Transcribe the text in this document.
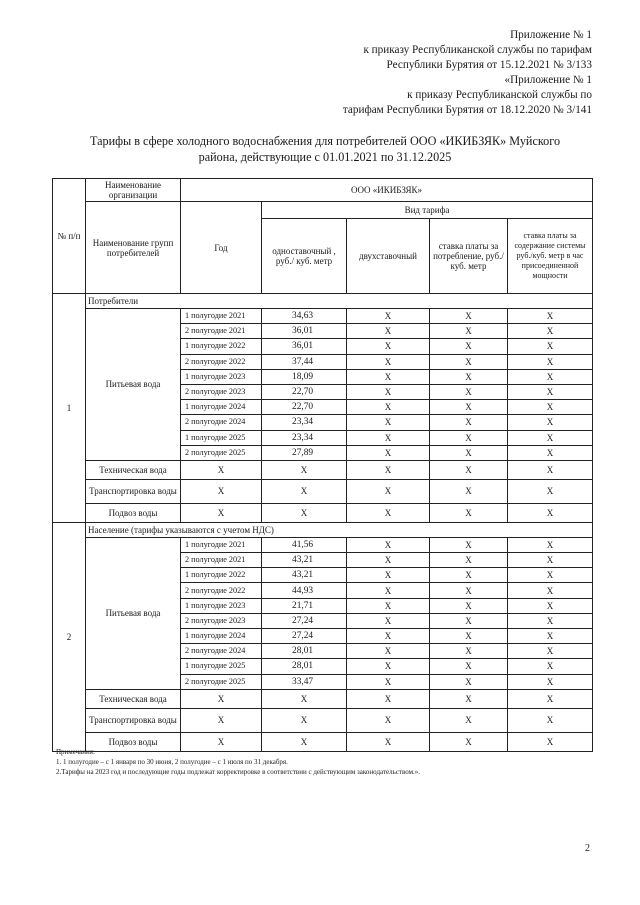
Приложение № 1
к приказу Республиканской службы по тарифам
Республики Бурятия от 15.12.2021 № 3/133
«Приложение № 1
к приказу Республиканской службы по
тарифам Республики Бурятия от 18.12.2020 № 3/141
Тарифы в сфере холодного водоснабжения для потребителей ООО «ИКИБЗЯК» Муйского
района, действующие с 01.01.2021 по 31.12.2025
№ п/п	Наименование организации	ООО «ИКИБЗЯК»				
	Наименование групп потребителей	Год	Вид тарифа			
			одноставочный , руб./ куб. метр	двухставочный	ставка платы за потребление, руб./ куб. метр	ставка платы за содержание системы руб./куб. метр в час присоединенной мощности
1	Потребители					
	Питьевая вода	1 полугодие 2021	34,63	X	X	X
		2 полугодие 2021	36,01	X	X	X
		1 полугодие 2022	36,01	X	X	X
		2 полугодие 2022	37,44	X	X	X
		1 полугодие 2023	18,09	X	X	X
		2 полугодие 2023	22,70	X	X	X
		1 полугодие 2024	22,70	X	X	X
		2 полугодие 2024	23,34	X	X	X
		1 полугодие 2025	23,34	X	X	X
		2 полугодие 2025	27,89	X	X	X
	Техническая вода	X	X	X	X	X
	Транспортировка воды	X	X	X	X	X
	Подвоз воды	X	X	X	X	X
2	Население (тарифы указываются с учетом НДС)					
	Питьевая вода	1 полугодие 2021	41,56	X	X	X
		2 полугодие 2021	43,21	X	X	X
		1 полугодие 2022	43,21	X	X	X
		2 полугодие 2022	44,93	X	X	X
		1 полугодие 2023	21,71	X	X	X
		2 полугодие 2023	27,24	X	X	X
		1 полугодие 2024	27,24	X	X	X
		2 полугодие 2024	28,01	X	X	X
		1 полугодие 2025	28,01	X	X	X
		2 полугодие 2025	33,47	X	X	X
	Техническая вода	X	X	X	X	X
	Транспортировка воды	X	X	X	X	X
	Подвоз воды	X	X	X	X	X
Примечания:
1. 1 полугодие – с 1 января по 30 июня, 2 полугодие – с 1 июля по 31 декабря.
2.Тарифы на 2023 год и последующие годы подлежат корректировке в соответствии с действующим законодательством.».
2
